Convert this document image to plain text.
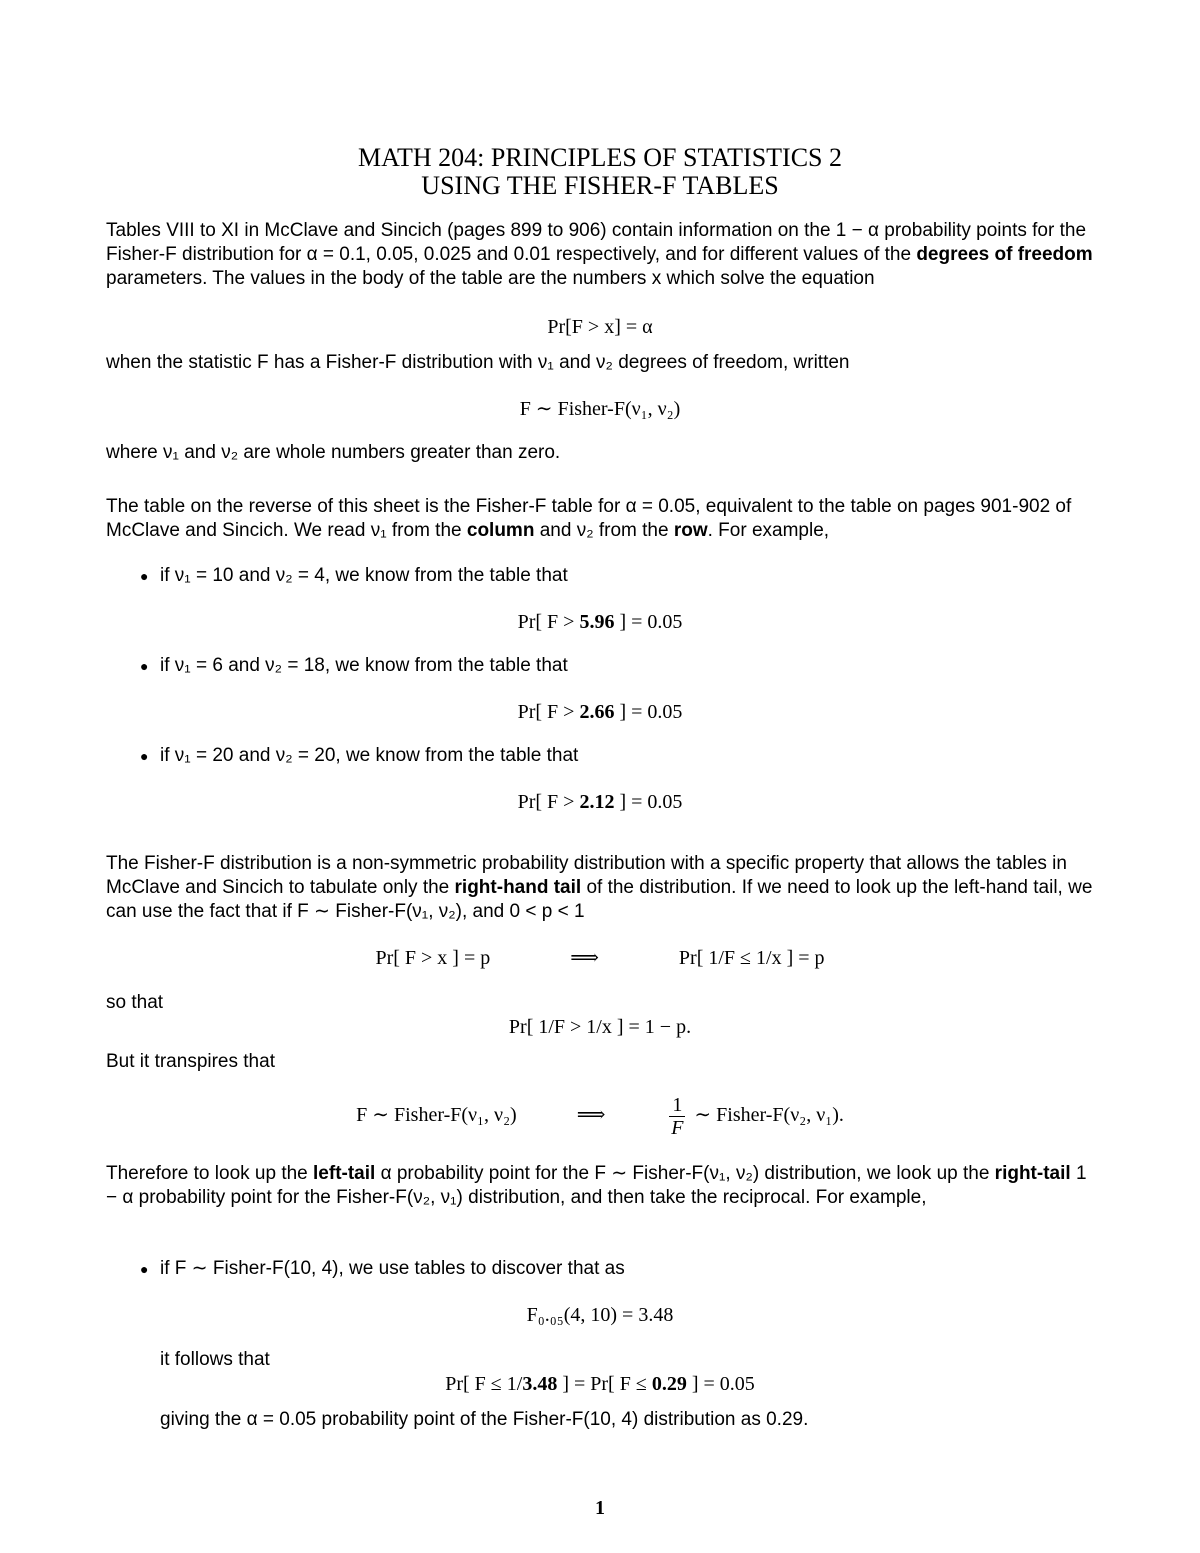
MATH 204: PRINCIPLES OF STATISTICS 2
USING THE FISHER-F TABLES
Tables VIII to XI in McClave and Sincich (pages 899 to 906) contain information on the 1 − α probability points for the Fisher-F distribution for α = 0.1, 0.05, 0.025 and 0.01 respectively, and for different values of the degrees of freedom parameters. The values in the body of the table are the numbers x which solve the equation
Pr[F > x] = α
when the statistic F has a Fisher-F distribution with ν₁ and ν₂ degrees of freedom, written
F ∼ Fisher-F(ν₁, ν₂)
where ν₁ and ν₂ are whole numbers greater than zero.
The table on the reverse of this sheet is the Fisher-F table for α = 0.05, equivalent to the table on pages 901-902 of McClave and Sincich. We read ν₁ from the column and ν₂ from the row. For example,
● if ν₁ = 10 and ν₂ = 4, we know from the table that
Pr[ F > 5.96 ] = 0.05
● if ν₁ = 6 and ν₂ = 18, we know from the table that
Pr[ F > 2.66 ] = 0.05
● if ν₁ = 20 and ν₂ = 20, we know from the table that
Pr[ F > 2.12 ] = 0.05
The Fisher-F distribution is a non-symmetric probability distribution with a specific property that allows the tables in McClave and Sincich to tabulate only the right-hand tail of the distribution. If we need to look up the left-hand tail, we can use the fact that if F ∼ Fisher-F(ν₁, ν₂), and 0 < p < 1
Pr[ F > x ] = p	⟹	Pr[ 1/F ≤ 1/x ] = p
so that
Pr[ 1/F > 1/x ] = 1 − p.
But it transpires that
F ∼ Fisher-F(ν₁, ν₂)	⟹	$\frac{1}{F}$ ∼ Fisher-F(ν₂, ν₁).
Therefore to look up the left-tail α probability point for the F ∼ Fisher-F(ν₁, ν₂) distribution, we look up the right-tail 1 − α probability point for the Fisher-F(ν₂, ν₁) distribution, and then take the reciprocal. For example,
● if F ∼ Fisher-F(10, 4), we use tables to discover that as
F₀.₀₅(4, 10) = 3.48
it follows that
Pr[ F ≤ 1/3.48 ] = Pr[ F ≤ 0.29 ] = 0.05
giving the α = 0.05 probability point of the Fisher-F(10, 4) distribution as 0.29.
1
